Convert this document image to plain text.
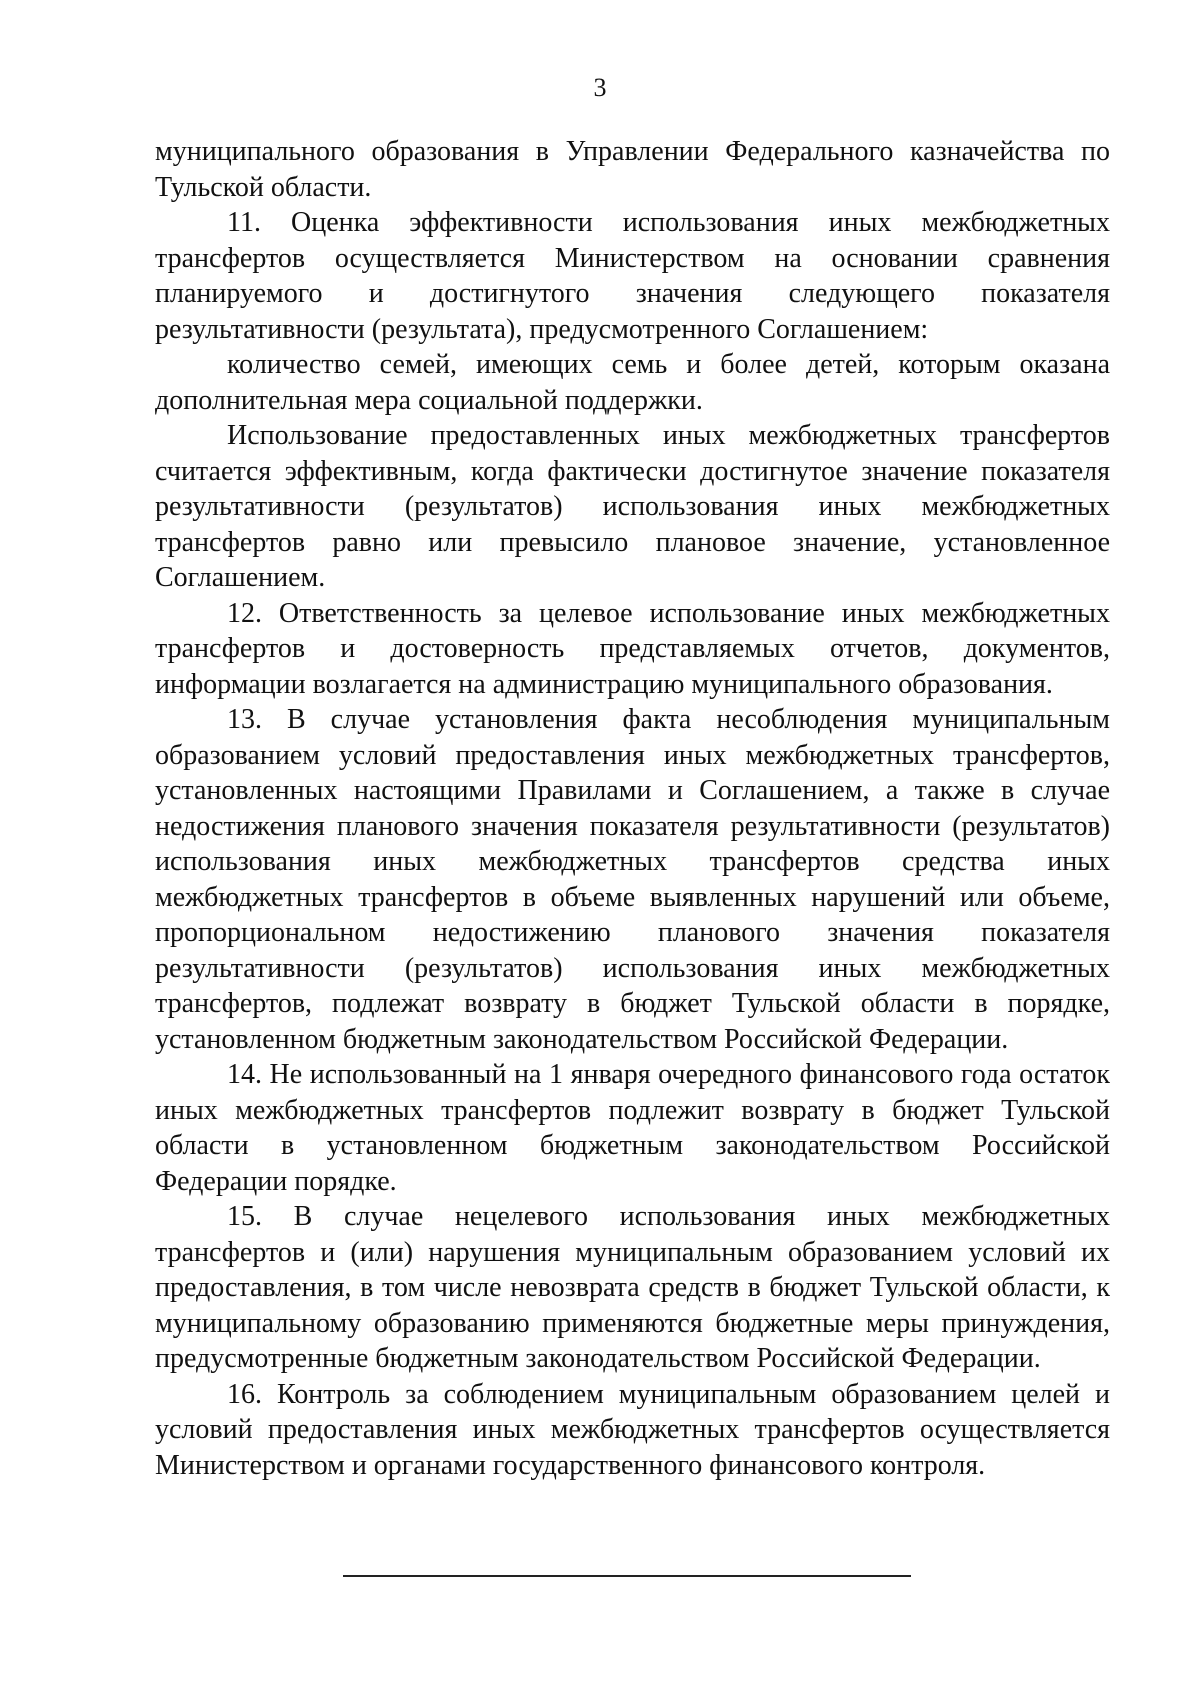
3

муниципального образования в Управлении Федерального казначейства по Тульской области.

11. Оценка эффективности использования иных межбюджетных трансфертов осуществляется Министерством на основании сравнения планируемого и достигнутого значения следующего показателя результативности (результата), предусмотренного Соглашением:

количество семей, имеющих семь и более детей, которым оказана дополнительная мера социальной поддержки.

Использование предоставленных иных межбюджетных трансфертов считается эффективным, когда фактически достигнутое значение показателя результативности (результатов) использования иных межбюджетных трансфертов равно или превысило плановое значение, установленное Соглашением.

12. Ответственность за целевое использование иных межбюджетных трансфертов и достоверность представляемых отчетов, документов, информации возлагается на администрацию муниципального образования.

13. В случае установления факта несоблюдения муниципальным образованием условий предоставления иных межбюджетных трансфертов, установленных настоящими Правилами и Соглашением, а также в случае недостижения планового значения показателя результативности (результатов) использования иных межбюджетных трансфертов средства иных межбюджетных трансфертов в объеме выявленных нарушений или объеме, пропорциональном недостижению планового значения показателя результативности (результатов) использования иных межбюджетных трансфертов, подлежат возврату в бюджет Тульской области в порядке, установленном бюджетным законодательством Российской Федерации.

14. Не использованный на 1 января очередного финансового года остаток иных межбюджетных трансфертов подлежит возврату в бюджет Тульской области в установленном бюджетным законодательством Российской Федерации порядке.

15. В случае нецелевого использования иных межбюджетных трансфертов и (или) нарушения муниципальным образованием условий их предоставления, в том числе невозврата средств в бюджет Тульской области, к муниципальному образованию применяются бюджетные меры принуждения, предусмотренные бюджетным законодательством Российской Федерации.

16. Контроль за соблюдением муниципальным образованием целей и условий предоставления иных межбюджетных трансфертов осуществляется Министерством и органами государственного финансового контроля.
